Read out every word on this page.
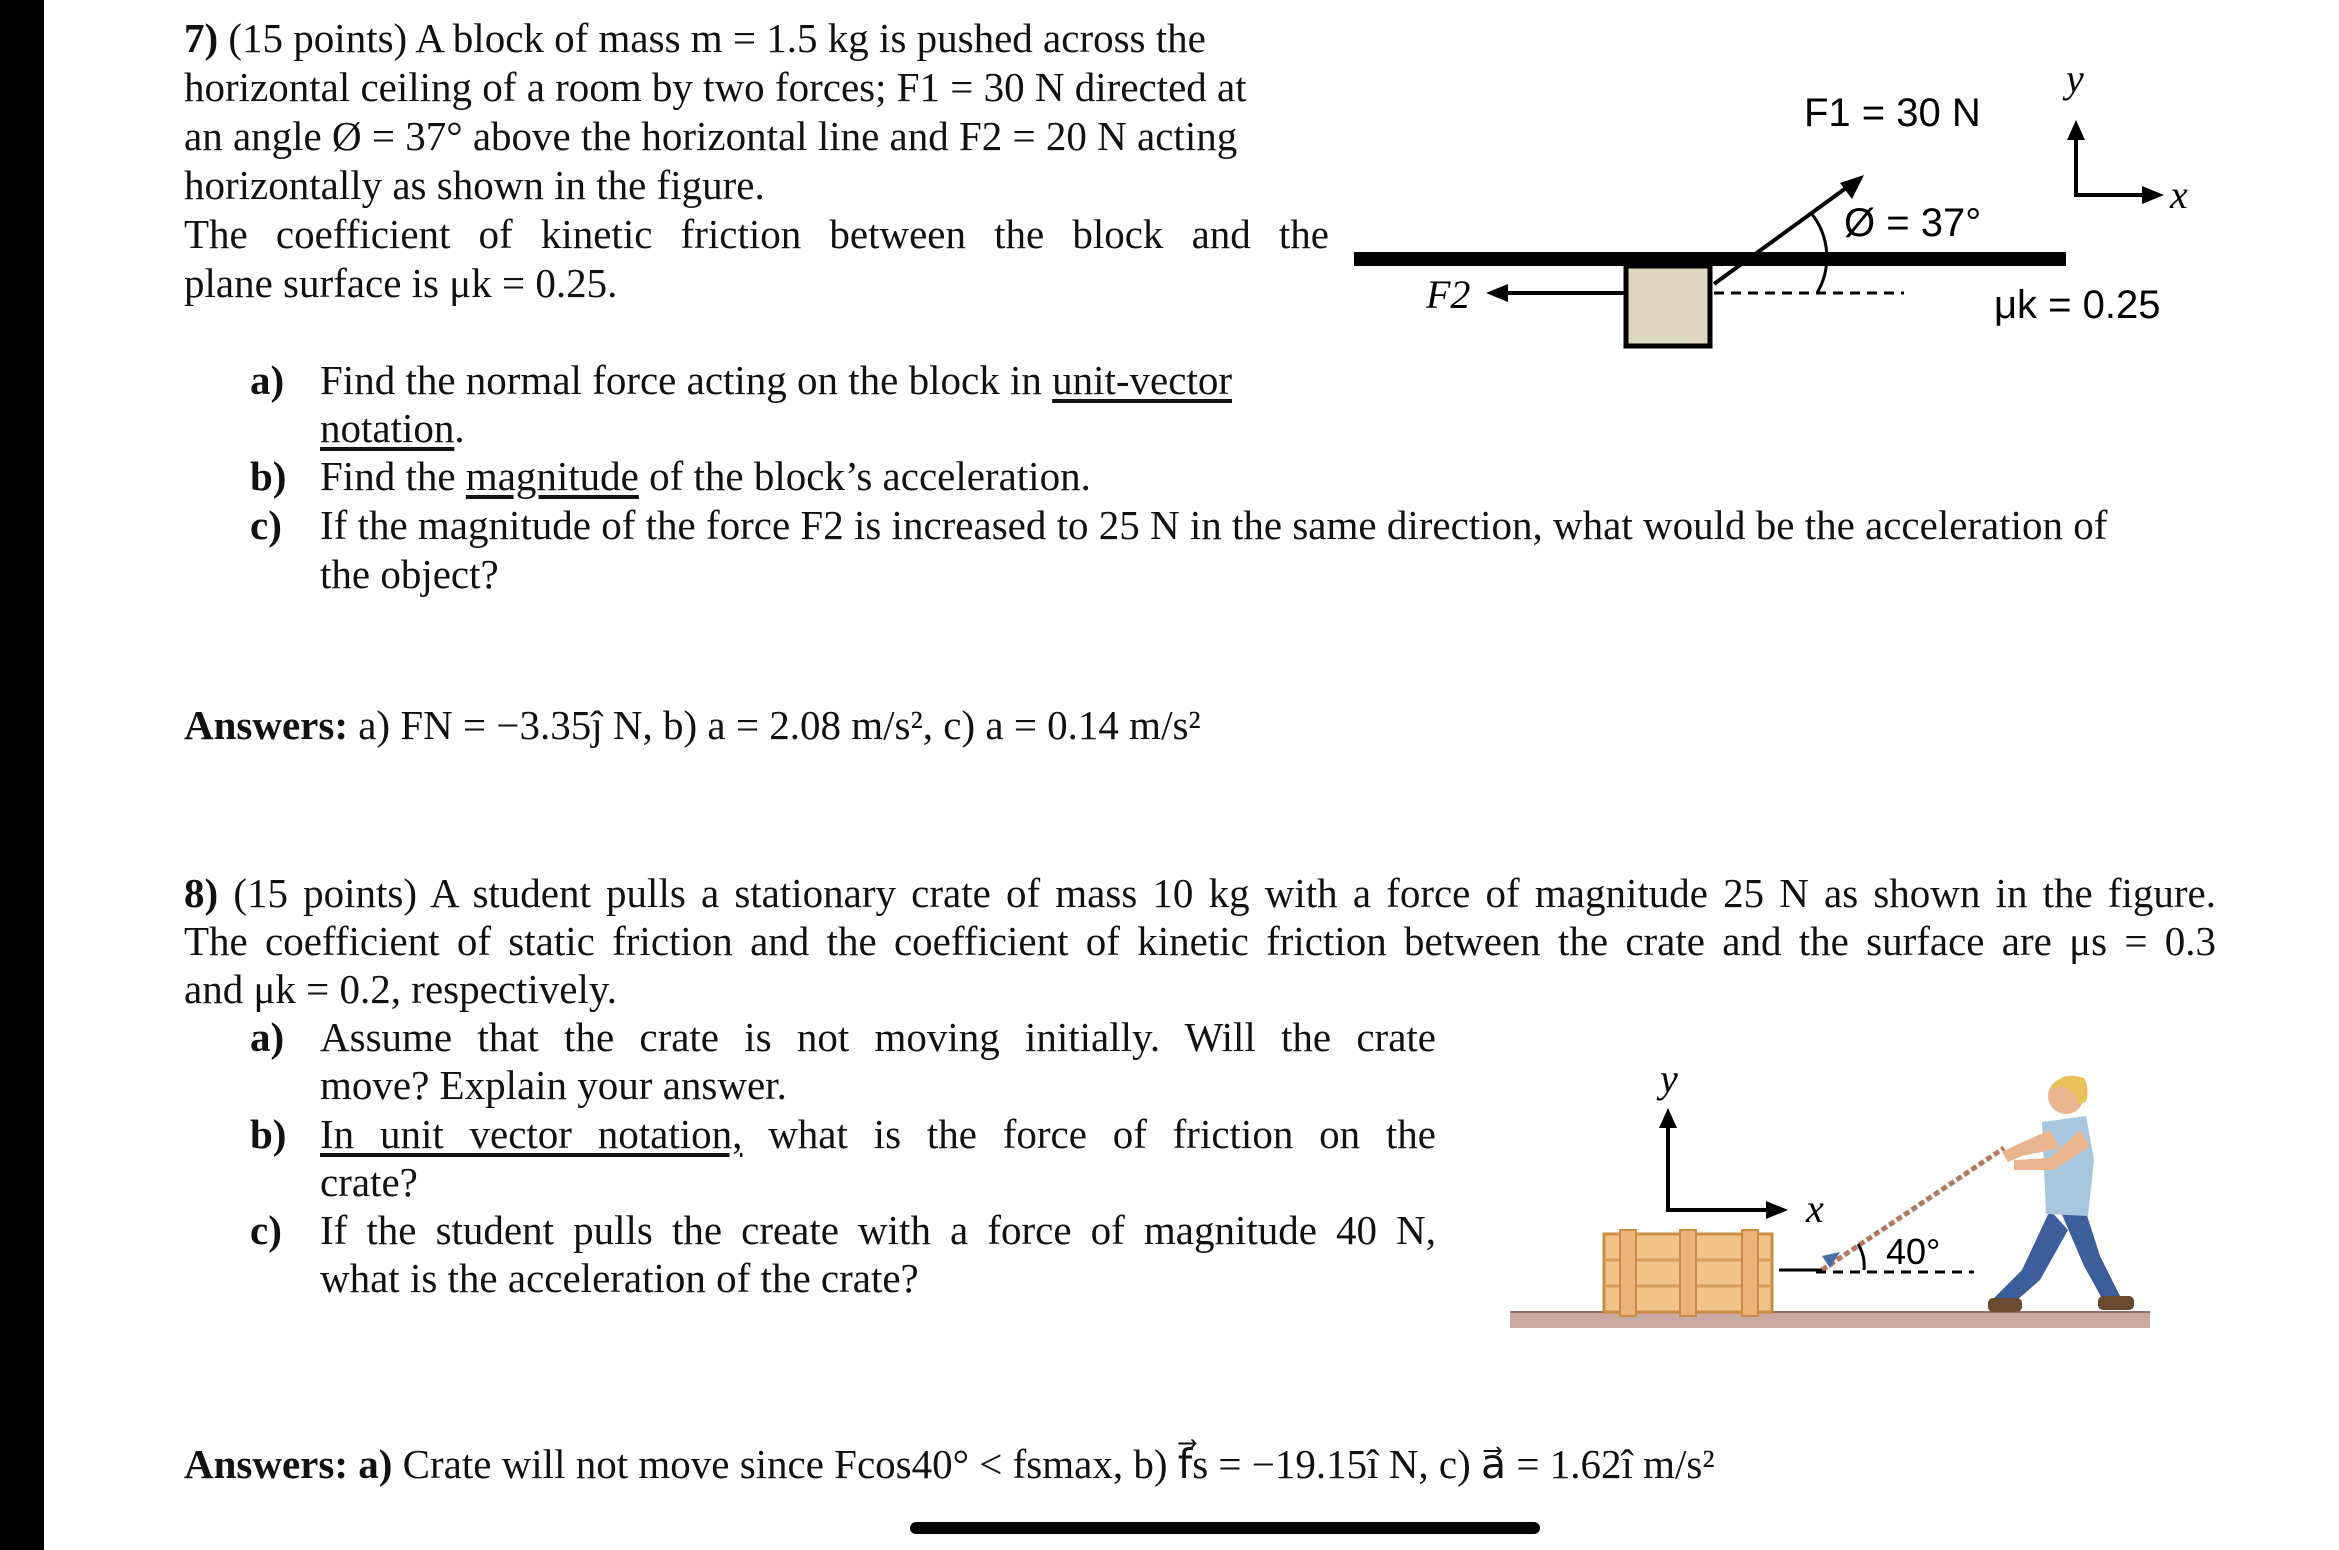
7) (15 points) A block of mass m = 1.5 kg is pushed across the
horizontal ceiling of a room by two forces; F1 = 30 N directed at
an angle Ø = 37° above the horizontal line and F2 = 20 N acting
horizontally as shown in the figure.
The coefficient of kinetic friction between the block and the
plane surface is μk = 0.25.
a) Find the normal force acting on the block in unit-vector
notation.
b) Find the magnitude of the block’s acceleration.
c) If the magnitude of the force F2 is increased to 25 N in the same direction, what would be the acceleration of
the object?
Answers: a) FN = −3.35ĵ N, b) a = 2.08 m/s², c) a = 0.14 m/s²
F2
F1 = 30 N
Ø = 37°
μk = 0.25
y
x
8) (15 points) A student pulls a stationary crate of mass 10 kg with a force of magnitude 25 N as shown in the figure.
The coefficient of static friction and the coefficient of kinetic friction between the crate and the surface are μs = 0.3
and μk = 0.2, respectively.
a) Assume that the crate is not moving initially. Will the crate
move? Explain your answer.
b) In unit vector notation, what is the force of friction on the
crate?
c) If the student pulls the create with a force of magnitude 40 N,
what is the acceleration of the crate?
Answers: a) Crate will not move since Fcos40° < fsmax, b) f⃗s = −19.15î N, c) a⃗ = 1.62î m/s²
y
x
40°
